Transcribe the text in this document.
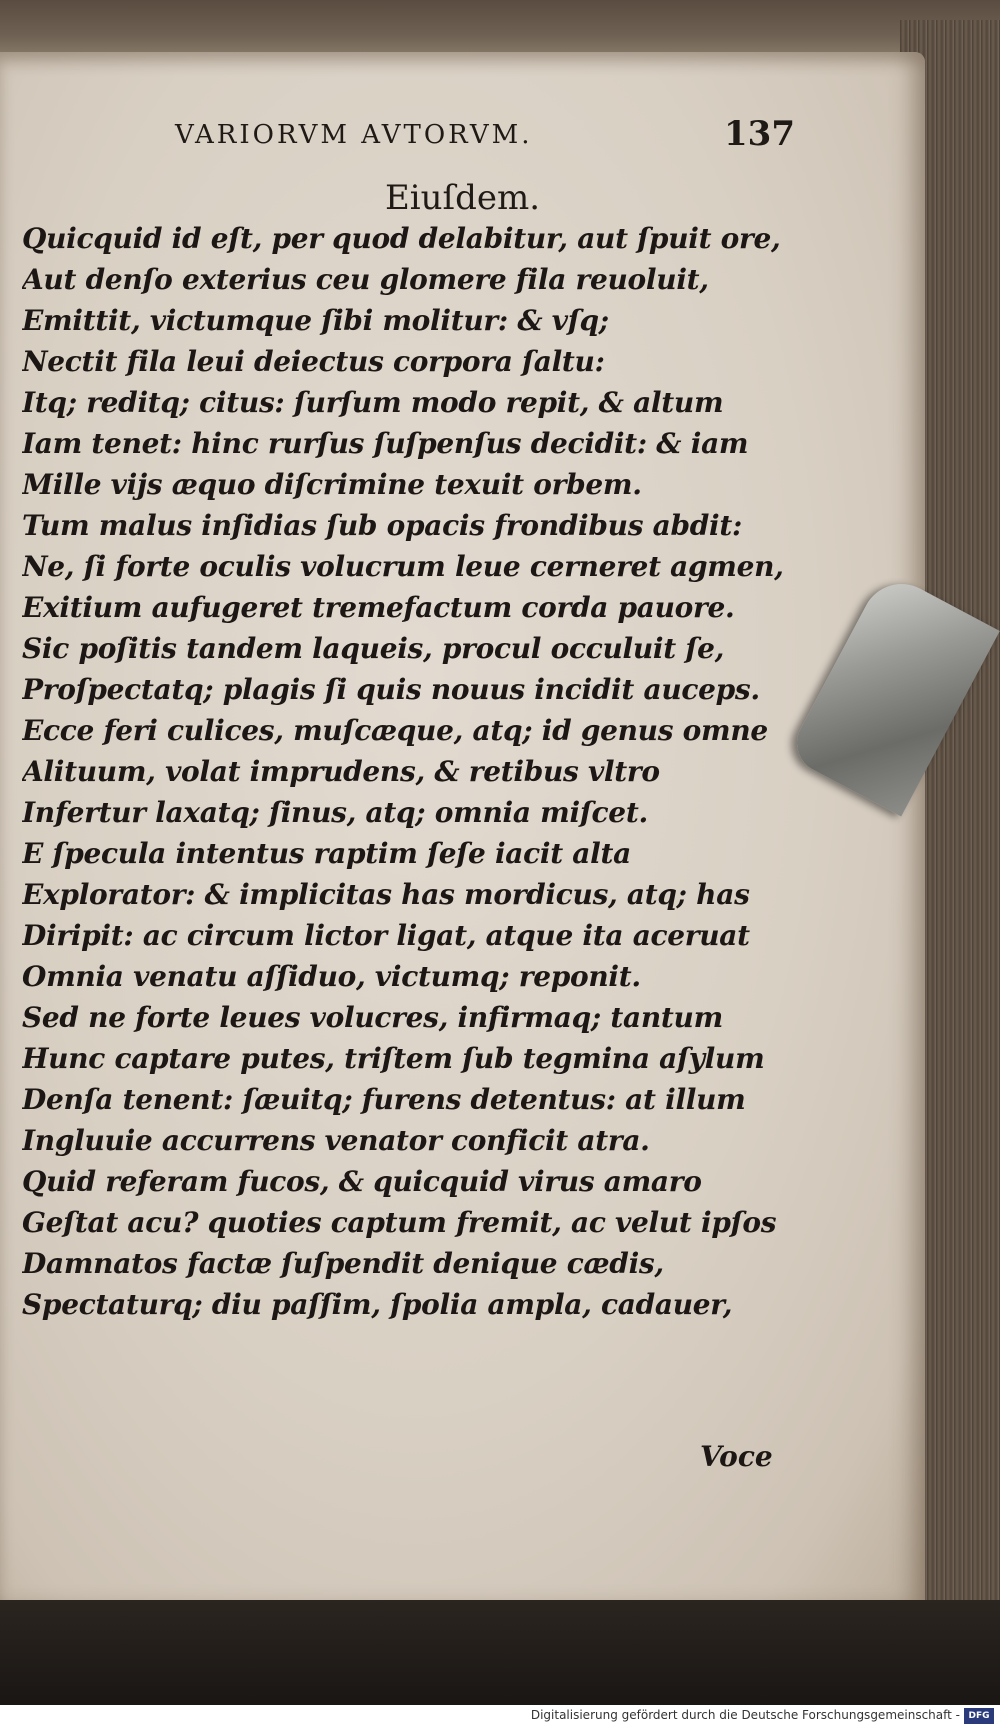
VARIORVM AVTORVM.	137
Eiuſdem.
Quicquid id eſt, per quod delabitur, aut ſpuit ore,
Aut denſo exterius ceu glomere fila reuoluit,
Emittit, victumque ſibi molitur: & vſq;
Nectit fila leui deiectus corpora ſaltu:
Itq; reditq; citus: ſurſum modo repit, & altum
Iam tenet: hinc rurſus ſuſpenſus decidit: & iam
Mille vijs æquo diſcrimine texuit orbem.
Tum malus inſidias ſub opacis frondibus abdit:
Ne, ſi forte oculis volucrum leue cerneret agmen,
Exitium aufugeret tremefactum corda pauore.
Sic poſitis tandem laqueis, procul occuluit ſe,
Proſpectatq; plagis ſi quis nouus incidit auceps.
Ecce feri culices, muſcæque, atq; id genus omne
Alituum, volat imprudens, & retibus vltro
Infertur laxatq; ſinus, atq; omnia miſcet.
E ſpecula intentus raptim ſeſe iacit alta
Explorator: & implicitas has mordicus, atq; has
Diripit: ac circum lictor ligat, atque ita aceruat
Omnia venatu aſſiduo, victumq; reponit.
Sed ne forte leues volucres, infirmaq; tantum
Hunc captare putes, triſtem ſub tegmina aſylum
Denſa tenent: ſæuitq; furens detentus: at illum
Ingluuie accurrens venator conficit atra.
Quid referam fucos, & quicquid virus amaro
Geſtat acu? quoties captum fremit, ac velut ipſos
Damnatos factæ ſuſpendit denique cædis,
Spectaturq; diu paſſim, ſpolia ampla, cadauer,
Voce
Digitalisierung gefördert durch die Deutsche Forschungsgemeinschaft - DFG
